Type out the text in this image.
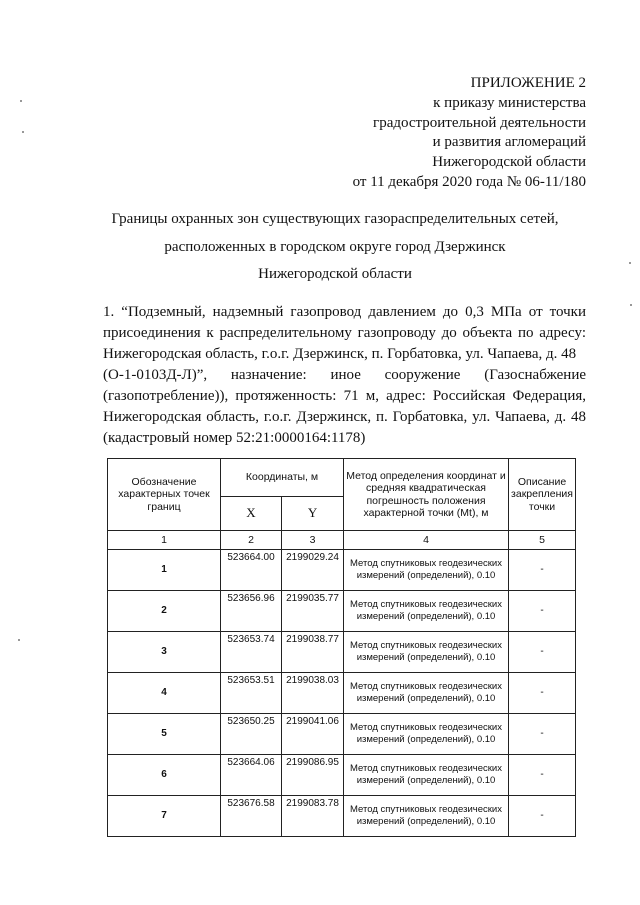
ПРИЛОЖЕНИЕ 2
к приказу министерства
градостроительной деятельности
и развития агломераций
Нижегородской области
от 11 декабря 2020 года № 06-11/180
Границы охранных зон существующих газораспределительных сетей,
расположенных в городском округе город Дзержинск
Нижегородской области
1. “Подземный, надземный газопровод давлением до 0,3 МПа от точки
присоединения к распределительному газопроводу до объекта по адресу:
Нижегородская область, г.о.г. Дзержинск, п. Горбатовка, ул. Чапаева, д. 48
(О-1-0103Д-Л)”, назначение: иное сооружение (Газоснабжение
(газопотребление)), протяженность: 71 м, адрес: Российская Федерация,
Нижегородская область, г.о.г. Дзержинск, п. Горбатовка, ул. Чапаева, д. 48
(кадастровый номер 52:21:0000164:1178)
Обозначение характерных точек границ	Координаты, м		Метод определения координат и средняя квадратическая погрешность положения характерной точки (Mt), м	Описание закрепления точки
	X	Y		
1	2	3	4	5
1	523664.00	2199029.24	Метод спутниковых геодезических измерений (определений), 0.10	-
2	523656.96	2199035.77	Метод спутниковых геодезических измерений (определений), 0.10	-
3	523653.74	2199038.77	Метод спутниковых геодезических измерений (определений), 0.10	-
4	523653.51	2199038.03	Метод спутниковых геодезических измерений (определений), 0.10	-
5	523650.25	2199041.06	Метод спутниковых геодезических измерений (определений), 0.10	-
6	523664.06	2199086.95	Метод спутниковых геодезических измерений (определений), 0.10	-
7	523676.58	2199083.78	Метод спутниковых геодезических измерений (определений), 0.10	-
